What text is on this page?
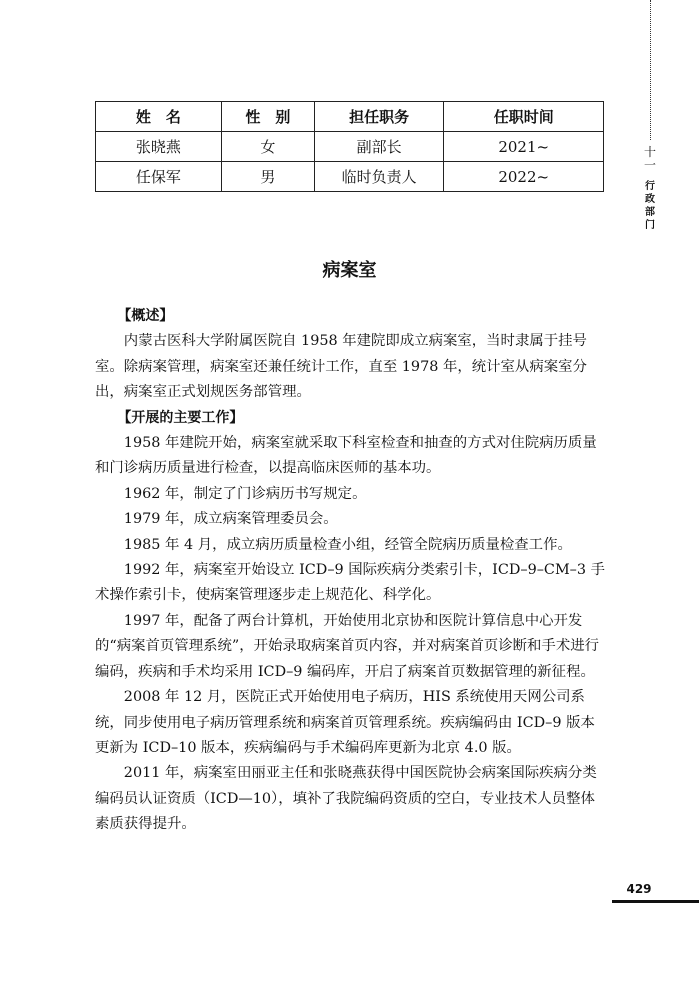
十一
行政部门
姓　名	性　别	担任职务	任职时间
张晓燕	女	副部长	2021~
任保军	男	临时负责人	2022~
病案室

【概述】

内蒙古医科大学附属医院自 1958 年建院即成立病案室，当时隶属于挂号室。除病案管理，病案室还兼任统计工作，直至 1978 年，统计室从病案室分出，病案室正式划规医务部管理。

【开展的主要工作】

1958 年建院开始，病案室就采取下科室检查和抽查的方式对住院病历质量和门诊病历质量进行检查，以提高临床医师的基本功。

1962 年，制定了门诊病历书写规定。

1979 年，成立病案管理委员会。

1985 年 4 月，成立病历质量检查小组，经管全院病历质量检查工作。

1992 年，病案室开始设立 ICD–9 国际疾病分类索引卡，ICD–9–CM–3 手术操作索引卡，使病案管理逐步走上规范化、科学化。

1997 年，配备了两台计算机，开始使用北京协和医院计算信息中心开发的“病案首页管理系统”，开始录取病案首页内容，并对病案首页诊断和手术进行编码，疾病和手术均采用 ICD–9 编码库，开启了病案首页数据管理的新征程。

2008 年 12 月，医院正式开始使用电子病历，HIS 系统使用天网公司系统，同步使用电子病历管理系统和病案首页管理系统。疾病编码由 ICD–9 版本更新为 ICD–10 版本，疾病编码与手术编码库更新为北京 4.0 版。

2011 年，病案室田丽亚主任和张晓燕获得中国医院协会病案国际疾病分类编码员认证资质（ICD—10），填补了我院编码资质的空白，专业技术人员整体素质获得提升。

429
